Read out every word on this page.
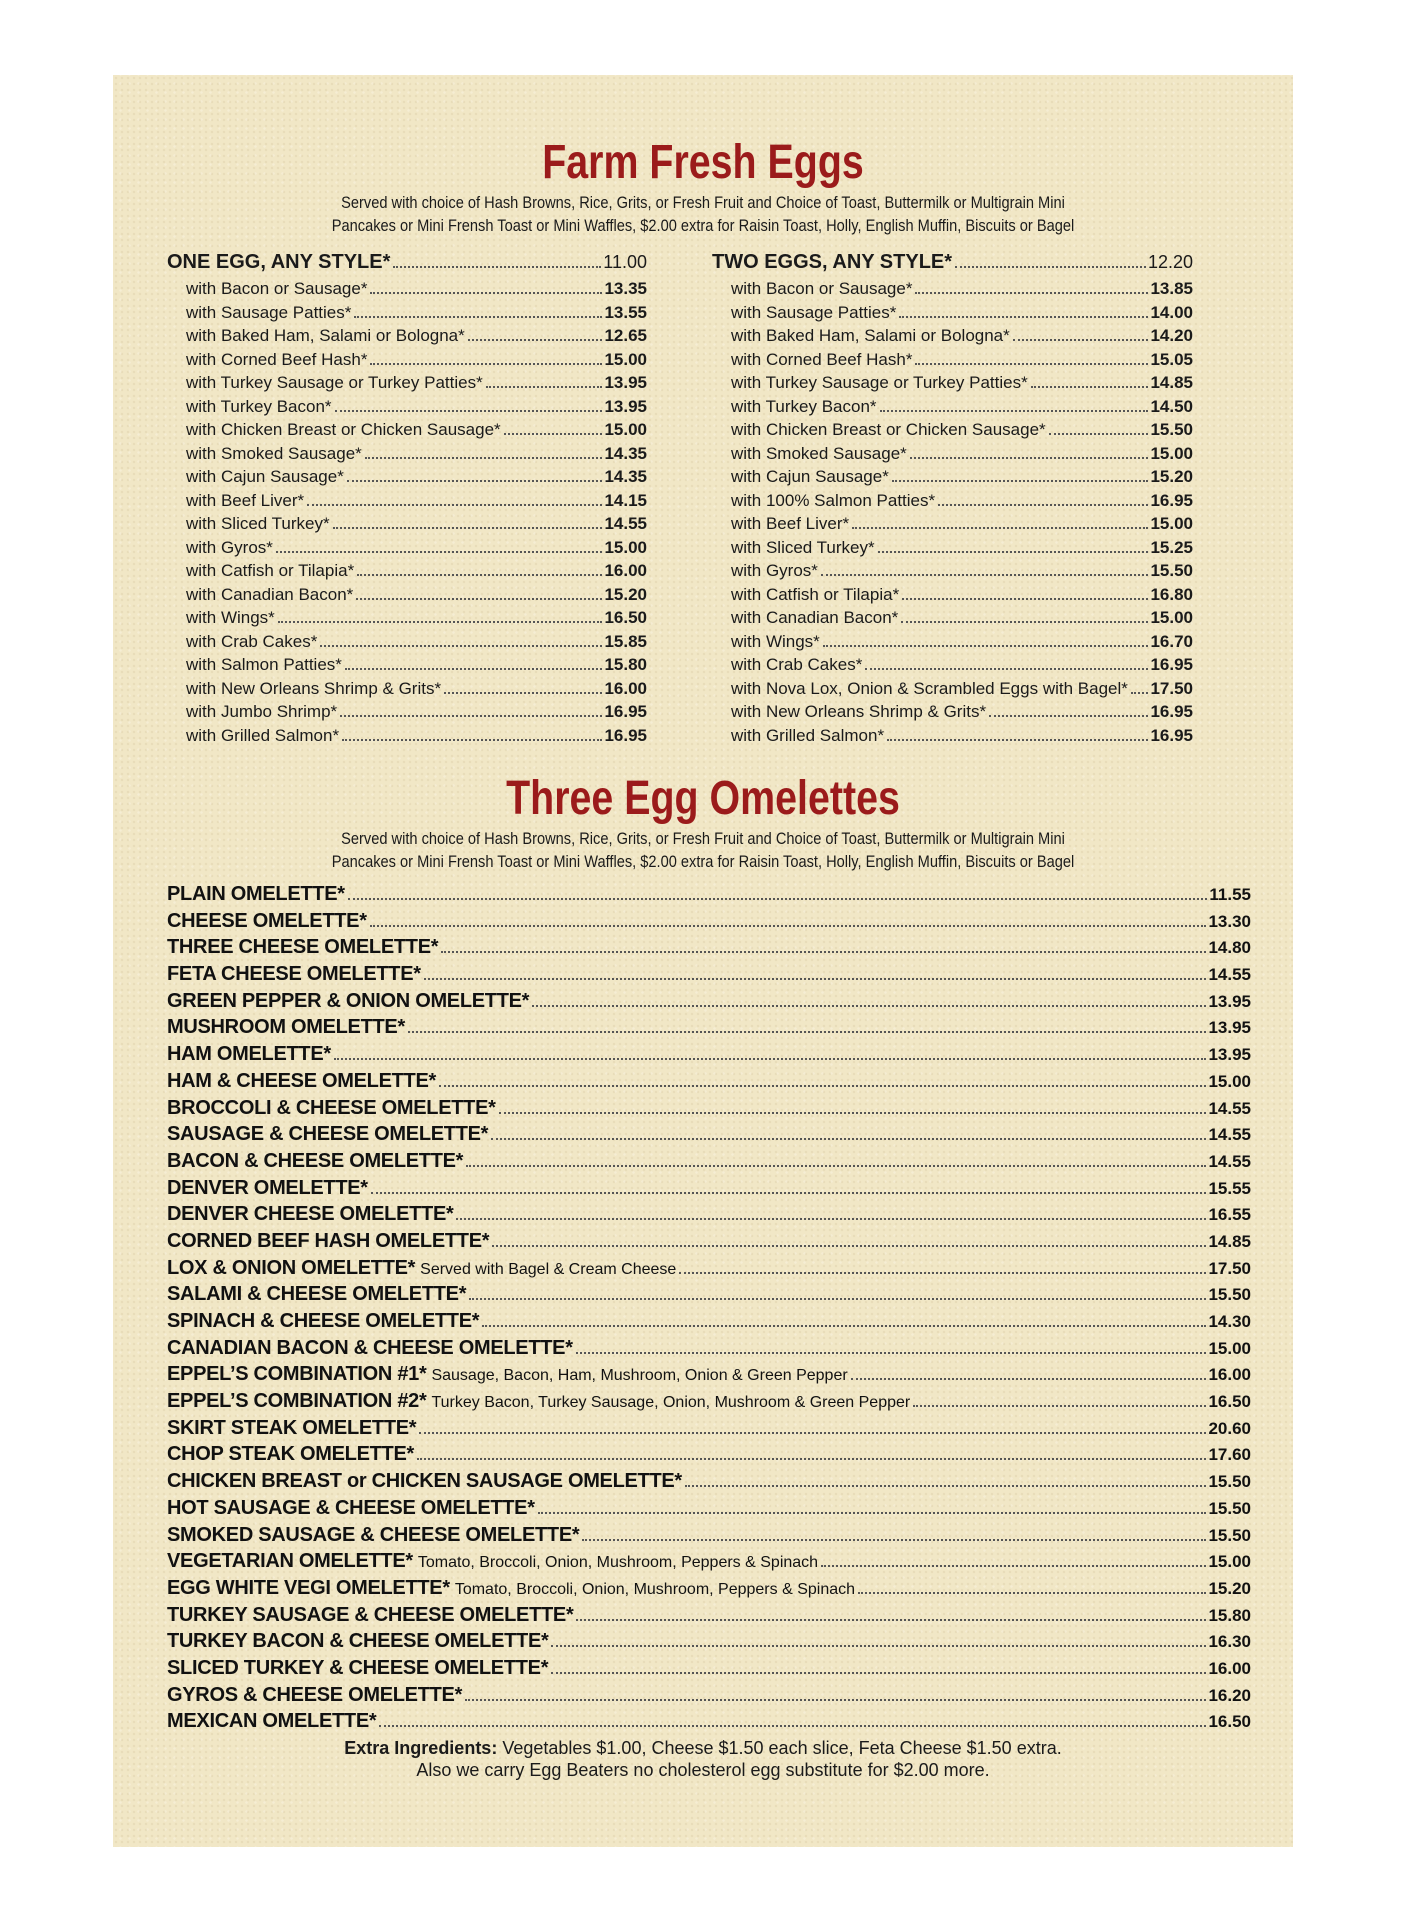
Farm Fresh Eggs
Served with choice of Hash Browns, Rice, Grits, or Fresh Fruit and Choice of Toast, Buttermilk or Multigrain Mini
Pancakes or Mini Frensh Toast or Mini Waffles, $2.00 extra for Raisin Toast, Holly, English Muffin, Biscuits or Bagel
ONE EGG, ANY STYLE*	11.00
with Bacon or Sausage*	13.35
with Sausage Patties*	13.55
with Baked Ham, Salami or Bologna*	12.65
with Corned Beef Hash*	15.00
with Turkey Sausage or Turkey Patties*	13.95
with Turkey Bacon*	13.95
with Chicken Breast or Chicken Sausage*	15.00
with Smoked Sausage*	14.35
with Cajun Sausage*	14.35
with Beef Liver*	14.15
with Sliced Turkey*	14.55
with Gyros*	15.00
with Catfish or Tilapia*	16.00
with Canadian Bacon*	15.20
with Wings*	16.50
with Crab Cakes*	15.85
with Salmon Patties*	15.80
with New Orleans Shrimp & Grits*	16.00
with Jumbo Shrimp*	16.95
with Grilled Salmon*	16.95
TWO EGGS, ANY STYLE*	12.20
with Bacon or Sausage*	13.85
with Sausage Patties*	14.00
with Baked Ham, Salami or Bologna*	14.20
with Corned Beef Hash*	15.05
with Turkey Sausage or Turkey Patties*	14.85
with Turkey Bacon*	14.50
with Chicken Breast or Chicken Sausage*	15.50
with Smoked Sausage*	15.00
with Cajun Sausage*	15.20
with 100% Salmon Patties*	16.95
with Beef Liver*	15.00
with Sliced Turkey*	15.25
with Gyros*	15.50
with Catfish or Tilapia*	16.80
with Canadian Bacon*	15.00
with Wings*	16.70
with Crab Cakes*	16.95
with Nova Lox, Onion & Scrambled Eggs with Bagel* 17.50
with New Orleans Shrimp & Grits*	16.95
with Grilled Salmon*	16.95
Three Egg Omelettes
Served with choice of Hash Browns, Rice, Grits, or Fresh Fruit and Choice of Toast, Buttermilk or Multigrain Mini
Pancakes or Mini Frensh Toast or Mini Waffles, $2.00 extra for Raisin Toast, Holly, English Muffin, Biscuits or Bagel
PLAIN OMELETTE*	11.55
CHEESE OMELETTE*	13.30
THREE CHEESE OMELETTE*	14.80
FETA CHEESE OMELETTE*	14.55
GREEN PEPPER & ONION OMELETTE*	13.95
MUSHROOM OMELETTE*	13.95
HAM OMELETTE*	13.95
HAM & CHEESE OMELETTE*	15.00
BROCCOLI & CHEESE OMELETTE*	14.55
SAUSAGE & CHEESE OMELETTE*	14.55
BACON & CHEESE OMELETTE*	14.55
DENVER OMELETTE*	15.55
DENVER CHEESE OMELETTE*	16.55
CORNED BEEF HASH OMELETTE*	14.85
LOX & ONION OMELETTE* Served with Bagel & Cream Cheese	17.50
SALAMI & CHEESE OMELETTE*	15.50
SPINACH & CHEESE OMELETTE*	14.30
CANADIAN BACON & CHEESE OMELETTE*	15.00
EPPEL’S COMBINATION #1* Sausage, Bacon, Ham, Mushroom, Onion & Green Pepper	16.00
EPPEL’S COMBINATION #2* Turkey Bacon, Turkey Sausage, Onion, Mushroom & Green Pepper	16.50
SKIRT STEAK OMELETTE*	20.60
CHOP STEAK OMELETTE*	17.60
CHICKEN BREAST or CHICKEN SAUSAGE OMELETTE*	15.50
HOT SAUSAGE & CHEESE OMELETTE*	15.50
SMOKED SAUSAGE & CHEESE OMELETTE*	15.50
VEGETARIAN OMELETTE* Tomato, Broccoli, Onion, Mushroom, Peppers & Spinach	15.00
EGG WHITE VEGI OMELETTE* Tomato, Broccoli, Onion, Mushroom, Peppers & Spinach	15.20
TURKEY SAUSAGE & CHEESE OMELETTE*	15.80
TURKEY BACON & CHEESE OMELETTE*	16.30
SLICED TURKEY & CHEESE OMELETTE*	16.00
GYROS & CHEESE OMELETTE*	16.20
MEXICAN OMELETTE*	16.50
Extra Ingredients: Vegetables $1.00, Cheese $1.50 each slice, Feta Cheese $1.50 extra.
Also we carry Egg Beaters no cholesterol egg substitute for $2.00 more.
